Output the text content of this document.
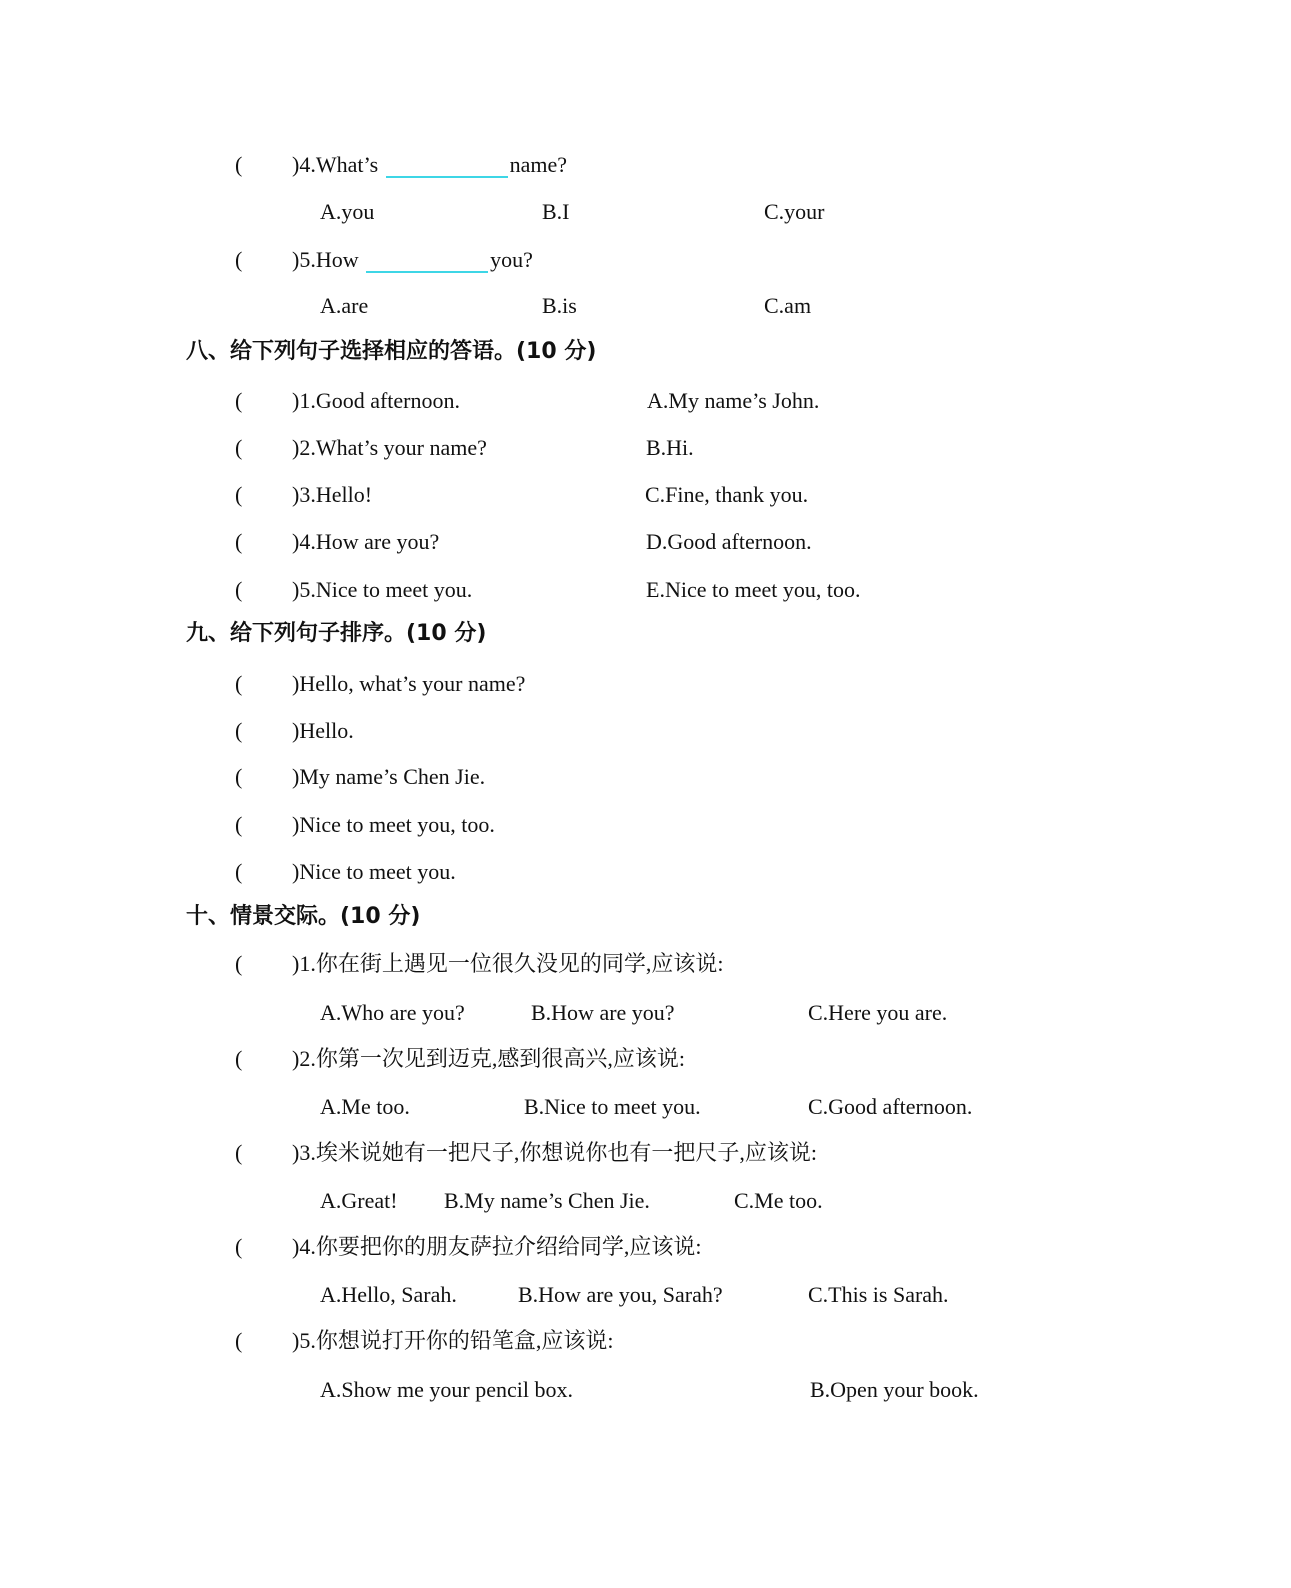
( )4.What’s	name?
A.you	B.I	C.your
( )5.How	you?
A.are	B.is	C.am
八、给下列句子选择相应的答语。(10 分)
( )1.Good afternoon.	A.My name’s John.
( )2.What’s your name?	B.Hi.
( )3.Hello!	C.Fine, thank you.
( )4.How are you?	D.Good afternoon.
( )5.Nice to meet you.	E.Nice to meet you, too.
九、给下列句子排序。(10 分)
( )Hello, what’s your name?
( )Hello.
( )My name’s Chen Jie.
( )Nice to meet you, too.
( )Nice to meet you.
十、情景交际。(10 分)
( )1.你在街上遇见一位很久没见的同学,应该说:
A.Who are you?	B.How are you?	C.Here you are.
( )2.你第一次见到迈克,感到很高兴,应该说:
A.Me too.	B.Nice to meet you.	C.Good afternoon.
( )3.埃米说她有一把尺子,你想说你也有一把尺子,应该说:
A.Great! B.My name’s Chen Jie.	C.Me too.
( )4.你要把你的朋友萨拉介绍给同学,应该说:
A.Hello, Sarah.	B.How are you, Sarah?	C.This is Sarah.
( )5.你想说打开你的铅笔盒,应该说:
A.Show me your pencil box.	B.Open your book.
